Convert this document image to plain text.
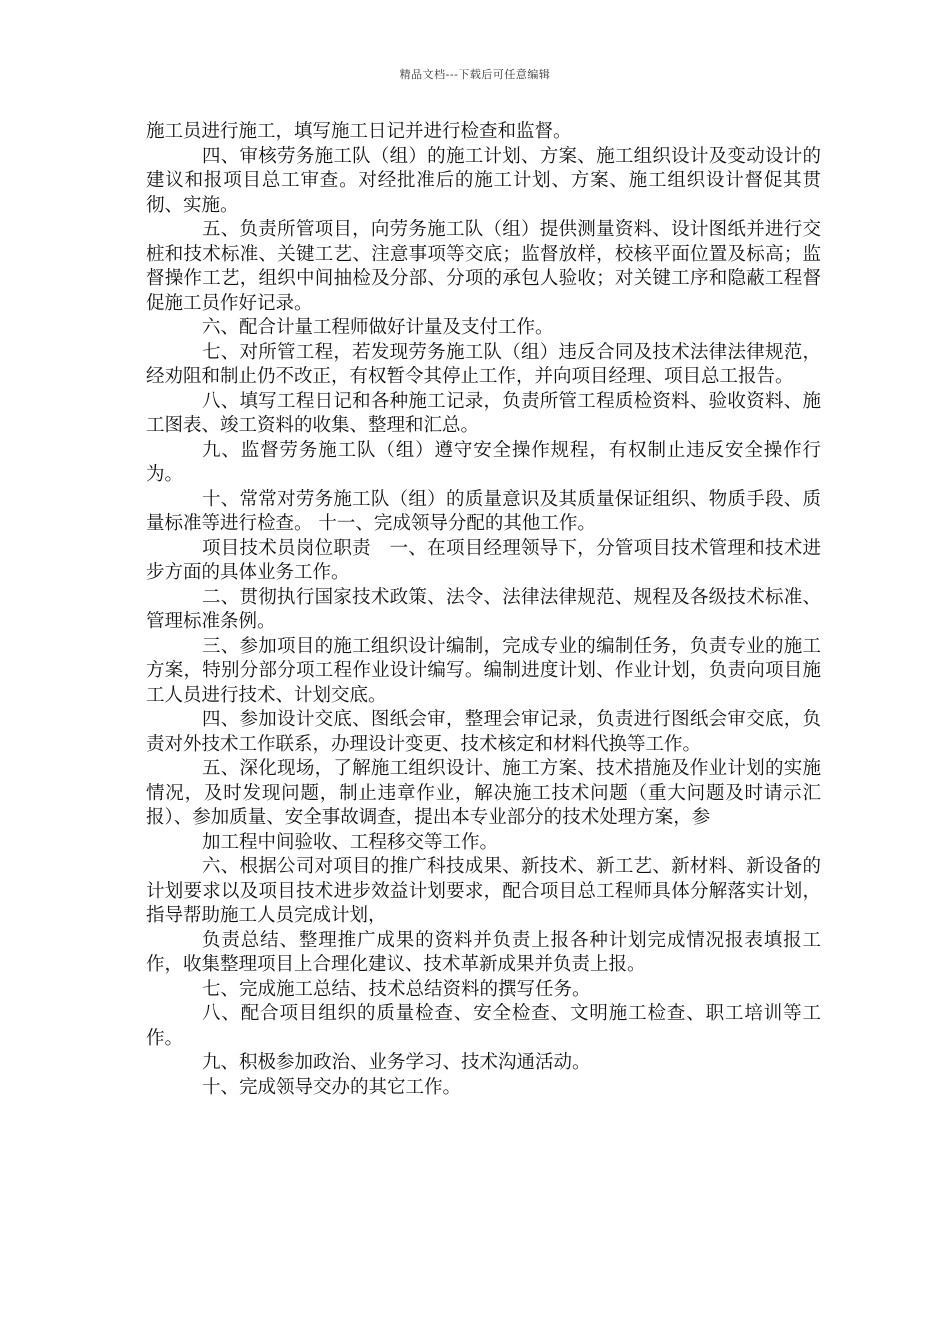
精品文档---下载后可任意编辑

施工员进行施工，填写施工日记并进行检查和监督。

四、审核劳务施工队（组）的施工计划、方案、施工组织设计及变动设计的建议和报项目总工审查。对经批准后的施工计划、方案、施工组织设计督促其贯彻、实施。

五、负责所管项目，向劳务施工队（组）提供测量资料、设计图纸并进行交桩和技术标准、关键工艺、注意事项等交底；监督放样，校核平面位置及标高；监督操作工艺，组织中间抽检及分部、分项的承包人验收；对关键工序和隐蔽工程督促施工员作好记录。

六、配合计量工程师做好计量及支付工作。

七、对所管工程，若发现劳务施工队（组）违反合同及技术法律法律规范，经劝阻和制止仍不改正，有权暂令其停止工作，并向项目经理、项目总工报告。

八、填写工程日记和各种施工记录，负责所管工程质检资料、验收资料、施工图表、竣工资料的收集、整理和汇总。

九、监督劳务施工队（组）遵守安全操作规程，有权制止违反安全操作行为。

十、常常对劳务施工队（组）的质量意识及其质量保证组织、物质手段、质量标准等进行检查。 十一、完成领导分配的其他工作。

项目技术员岗位职责　一、在项目经理领导下，分管项目技术管理和技术进步方面的具体业务工作。

二、贯彻执行国家技术政策、法令、法律法律规范、规程及各级技术标准、管理标准条例。

三、参加项目的施工组织设计编制，完成专业的编制任务，负责专业的施工方案，特别分部分项工程作业设计编写。编制进度计划、作业计划，负责向项目施工人员进行技术、计划交底。

四、参加设计交底、图纸会审，整理会审记录，负责进行图纸会审交底，负责对外技术工作联系，办理设计变更、技术核定和材料代换等工作。

五、深化现场，了解施工组织设计、施工方案、技术措施及作业计划的实施情况，及时发现问题，制止违章作业，解决施工技术问题（重大问题及时请示汇报）、参加质量、安全事故调查，提出本专业部分的技术处理方案，参

加工程中间验收、工程移交等工作。

六、根据公司对项目的推广科技成果、新技术、新工艺、新材料、新设备的计划要求以及项目技术进步效益计划要求，配合项目总工程师具体分解落实计划，指导帮助施工人员完成计划，

负责总结、整理推广成果的资料并负责上报各种计划完成情况报表填报工作，收集整理项目上合理化建议、技术革新成果并负责上报。

七、完成施工总结、技术总结资料的撰写任务。

八、配合项目组织的质量检查、安全检查、文明施工检查、职工培训等工作。

九、积极参加政治、业务学习、技术沟通活动。

十、完成领导交办的其它工作。
